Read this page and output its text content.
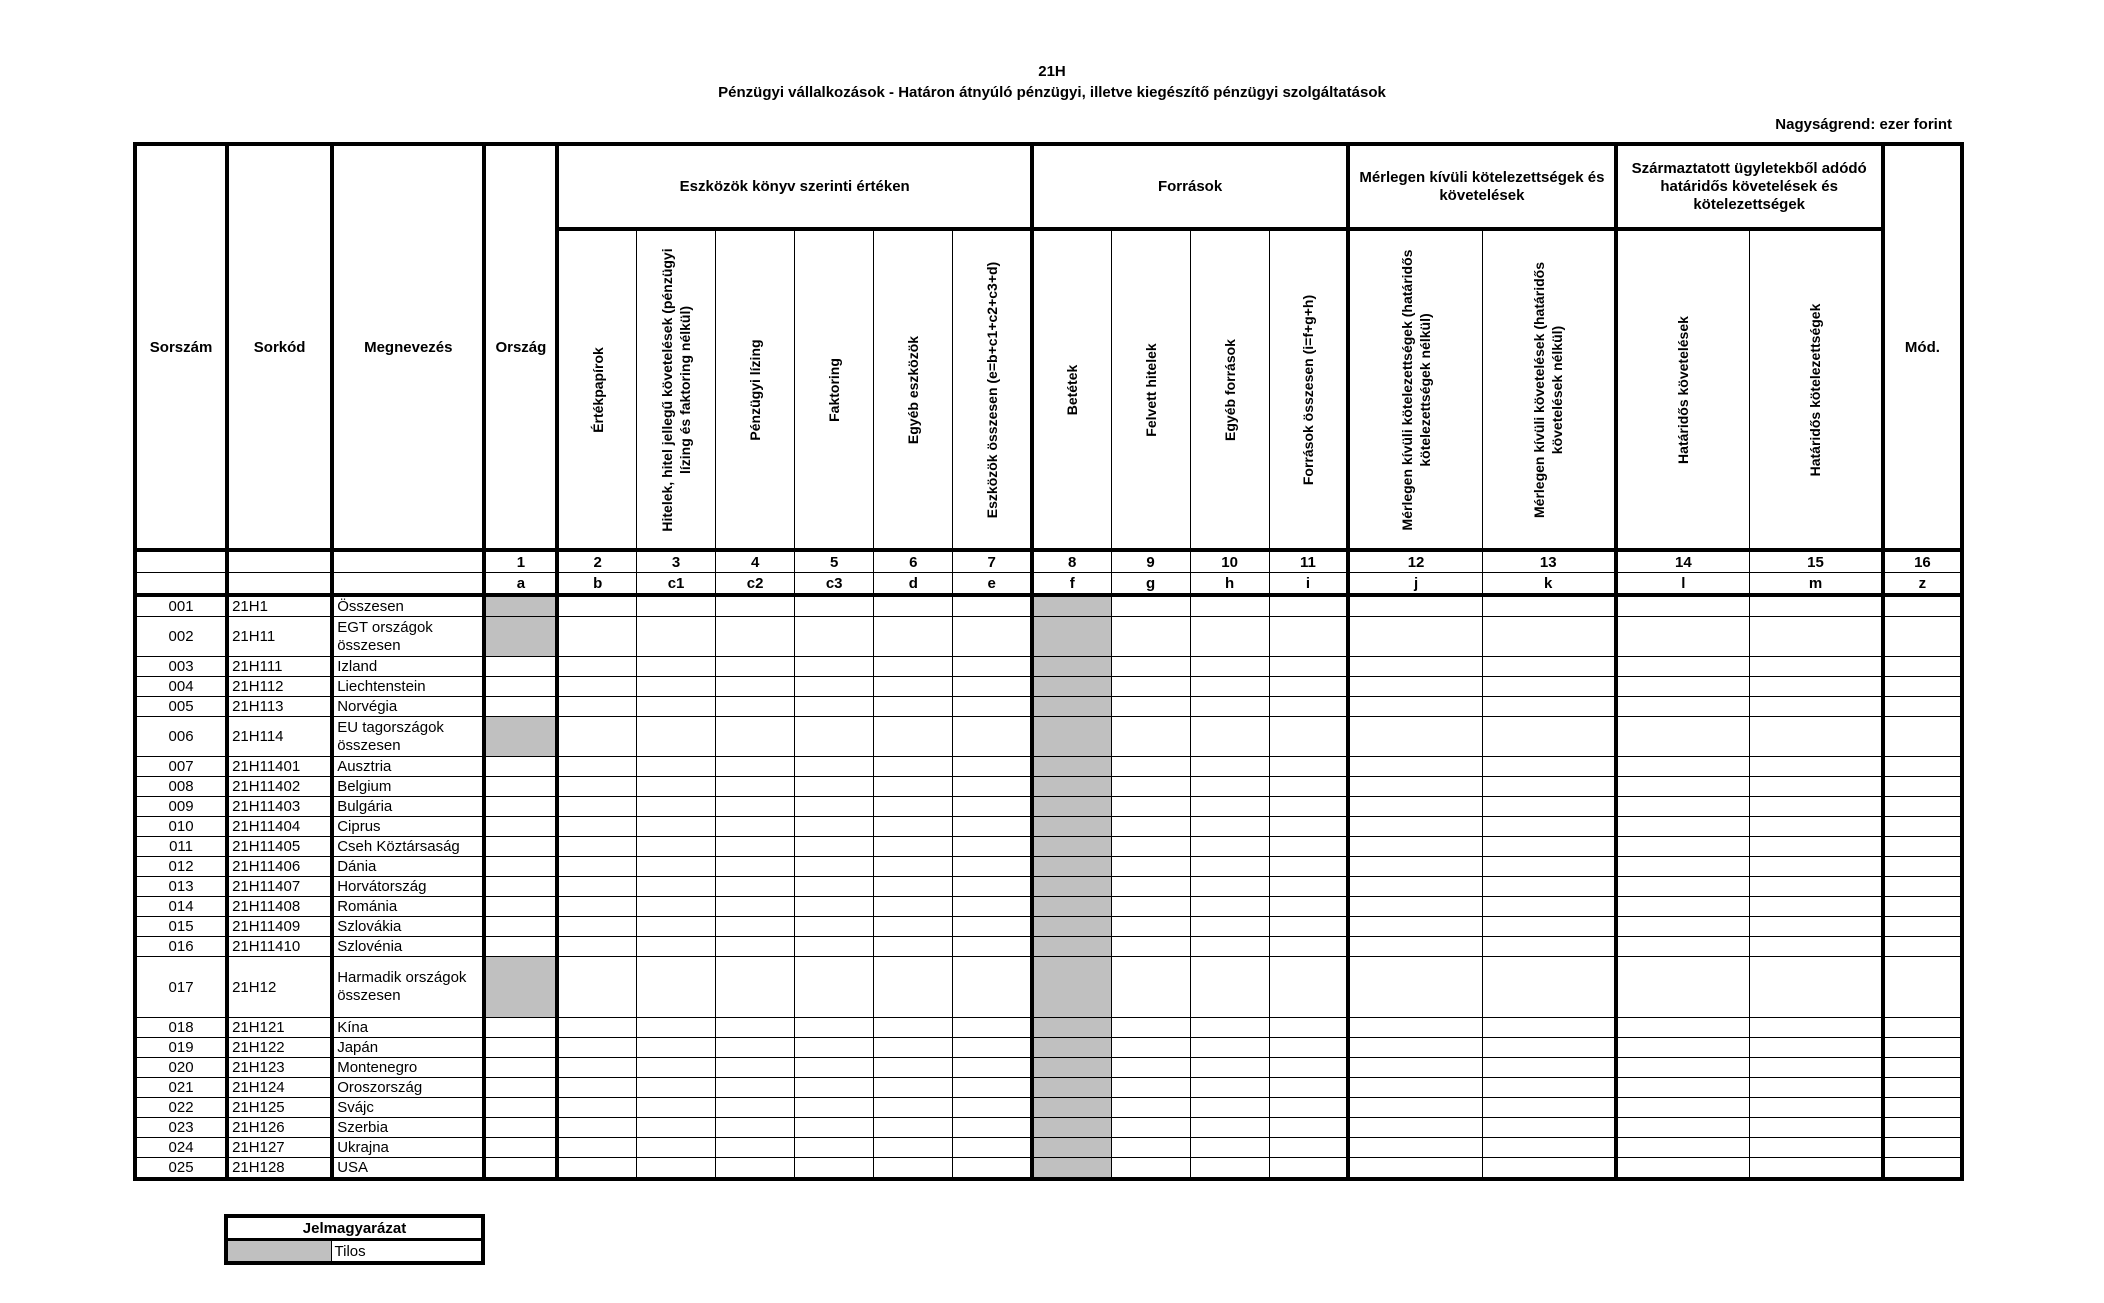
21H
Pénzügyi vállalkozások - Határon átnyúló pénzügyi, illetve kiegészítő pénzügyi szolgáltatások
Nagyságrend: ezer forint
Sorszám	Sorkód	Megnevezés	Ország	Eszközök könyv szerinti értéken						Források				Mérlegen kívüli kötelezettségek és követelések		Származtatott ügyletekből adódó határidős követelések és kötelezettségek		Mód.

				Értékpapírok	Hitelek, hitel jellegű követelések (pénzügyi lízing és faktoring nélkül)	Pénzügyi lízing	Faktoring	Egyéb eszközök	Eszközök összesen (e=b+c1+c2+c3+d)	Betétek	Felvett hitelek	Egyéb források	Források összesen (i=f+g+h)	Mérlegen kívüli kötelezettségek (határidős kötelezettségek nélkül)	Mérlegen kívüli követelések (határidős követelések nélkül)	Határidős követelések	Határidős kötelezettségek	

			1	2	3	4	5	6	7	8	9	10	11	12	13	14	15	16
			a	b	c1	c2	c3	d	e	f	g	h	i	j	k	l	m	z
001	21H1	Összesen																
002	21H11	EGT országok összesen																
003	21H111	Izland																
004	21H112	Liechtenstein																
005	21H113	Norvégia																
006	21H114	EU tagországok összesen																
007	21H11401	Ausztria																
008	21H11402	Belgium																
009	21H11403	Bulgária																
010	21H11404	Ciprus																
011	21H11405	Cseh Köztársaság																
012	21H11406	Dánia																
013	21H11407	Horvátország																
014	21H11408	Románia																
015	21H11409	Szlovákia																
016	21H11410	Szlovénia																
017	21H12	Harmadik országok összesen																
018	21H121	Kína																
019	21H122	Japán																
020	21H123	Montenegro																
021	21H124	Oroszország																
022	21H125	Svájc																
023	21H126	Szerbia																
024	21H127	Ukrajna																
025	21H128	USA																
Jelmagyarázat
	Tilos
